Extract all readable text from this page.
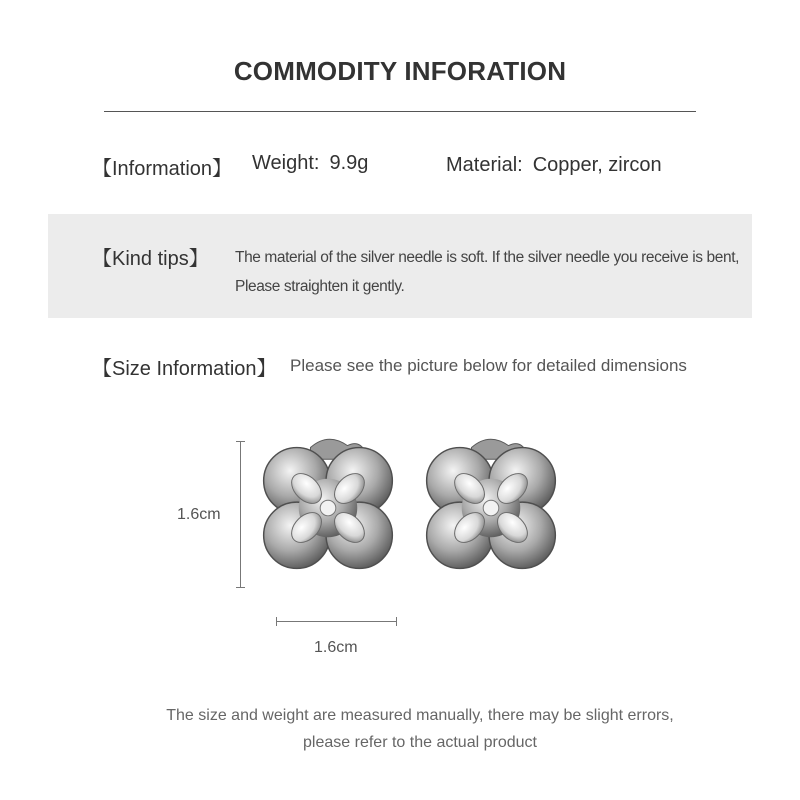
COMMODITY INFORATION
【Information】 Weight: 9.9g	Material: Copper, zircon
【Kind tips】 The material of the silver needle is soft. If the silver needle you receive is bent,
Please straighten it gently.
【Size Information】 Please see the picture below for detailed dimensions
1.6cm
1.6cm
The size and weight are measured manually, there may be slight errors,
please refer to the actual product
